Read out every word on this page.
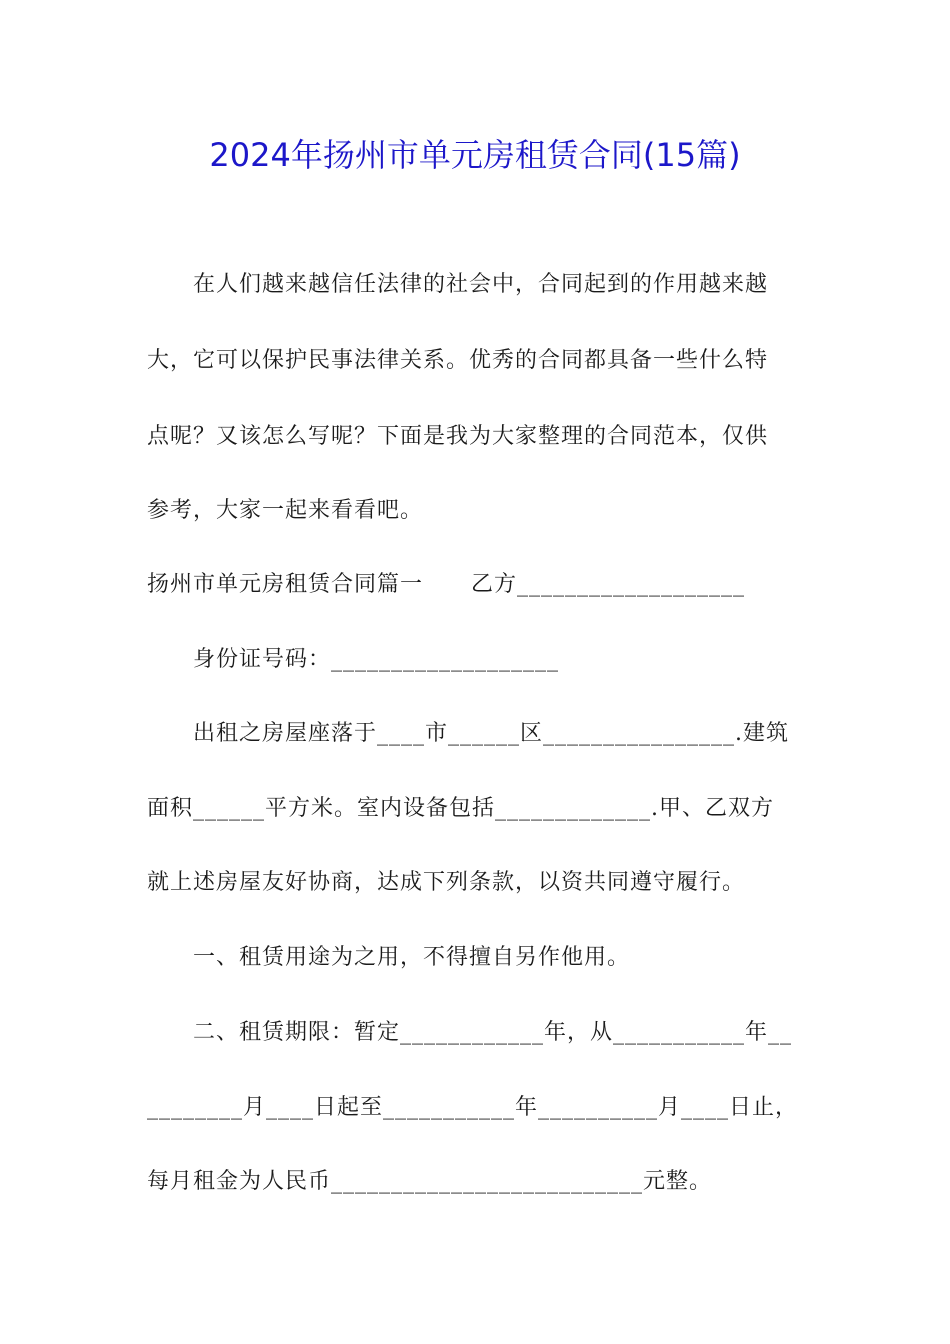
2024年扬州市单元房租赁合同(15篇)
在人们越来越信任法律的社会中，合同起到的作用越来越
大，它可以保护民事法律关系。优秀的合同都具备一些什么特
点呢？又该怎么写呢？下面是我为大家整理的合同范本，仅供
参考，大家一起来看看吧。
扬州市单元房租赁合同篇一      乙方___________________
身份证号码：___________________
出租之房屋座落于____市______区________________.建筑
面积______平方米。室内设备包括_____________.甲、乙双方
就上述房屋友好协商，达成下列条款，以资共同遵守履行。
一、租赁用途为之用，不得擅自另作他用。
二、租赁期限：暂定____________年，从___________年__
________月____日起至___________年__________月____日止，
每月租金为人民币__________________________元整。
